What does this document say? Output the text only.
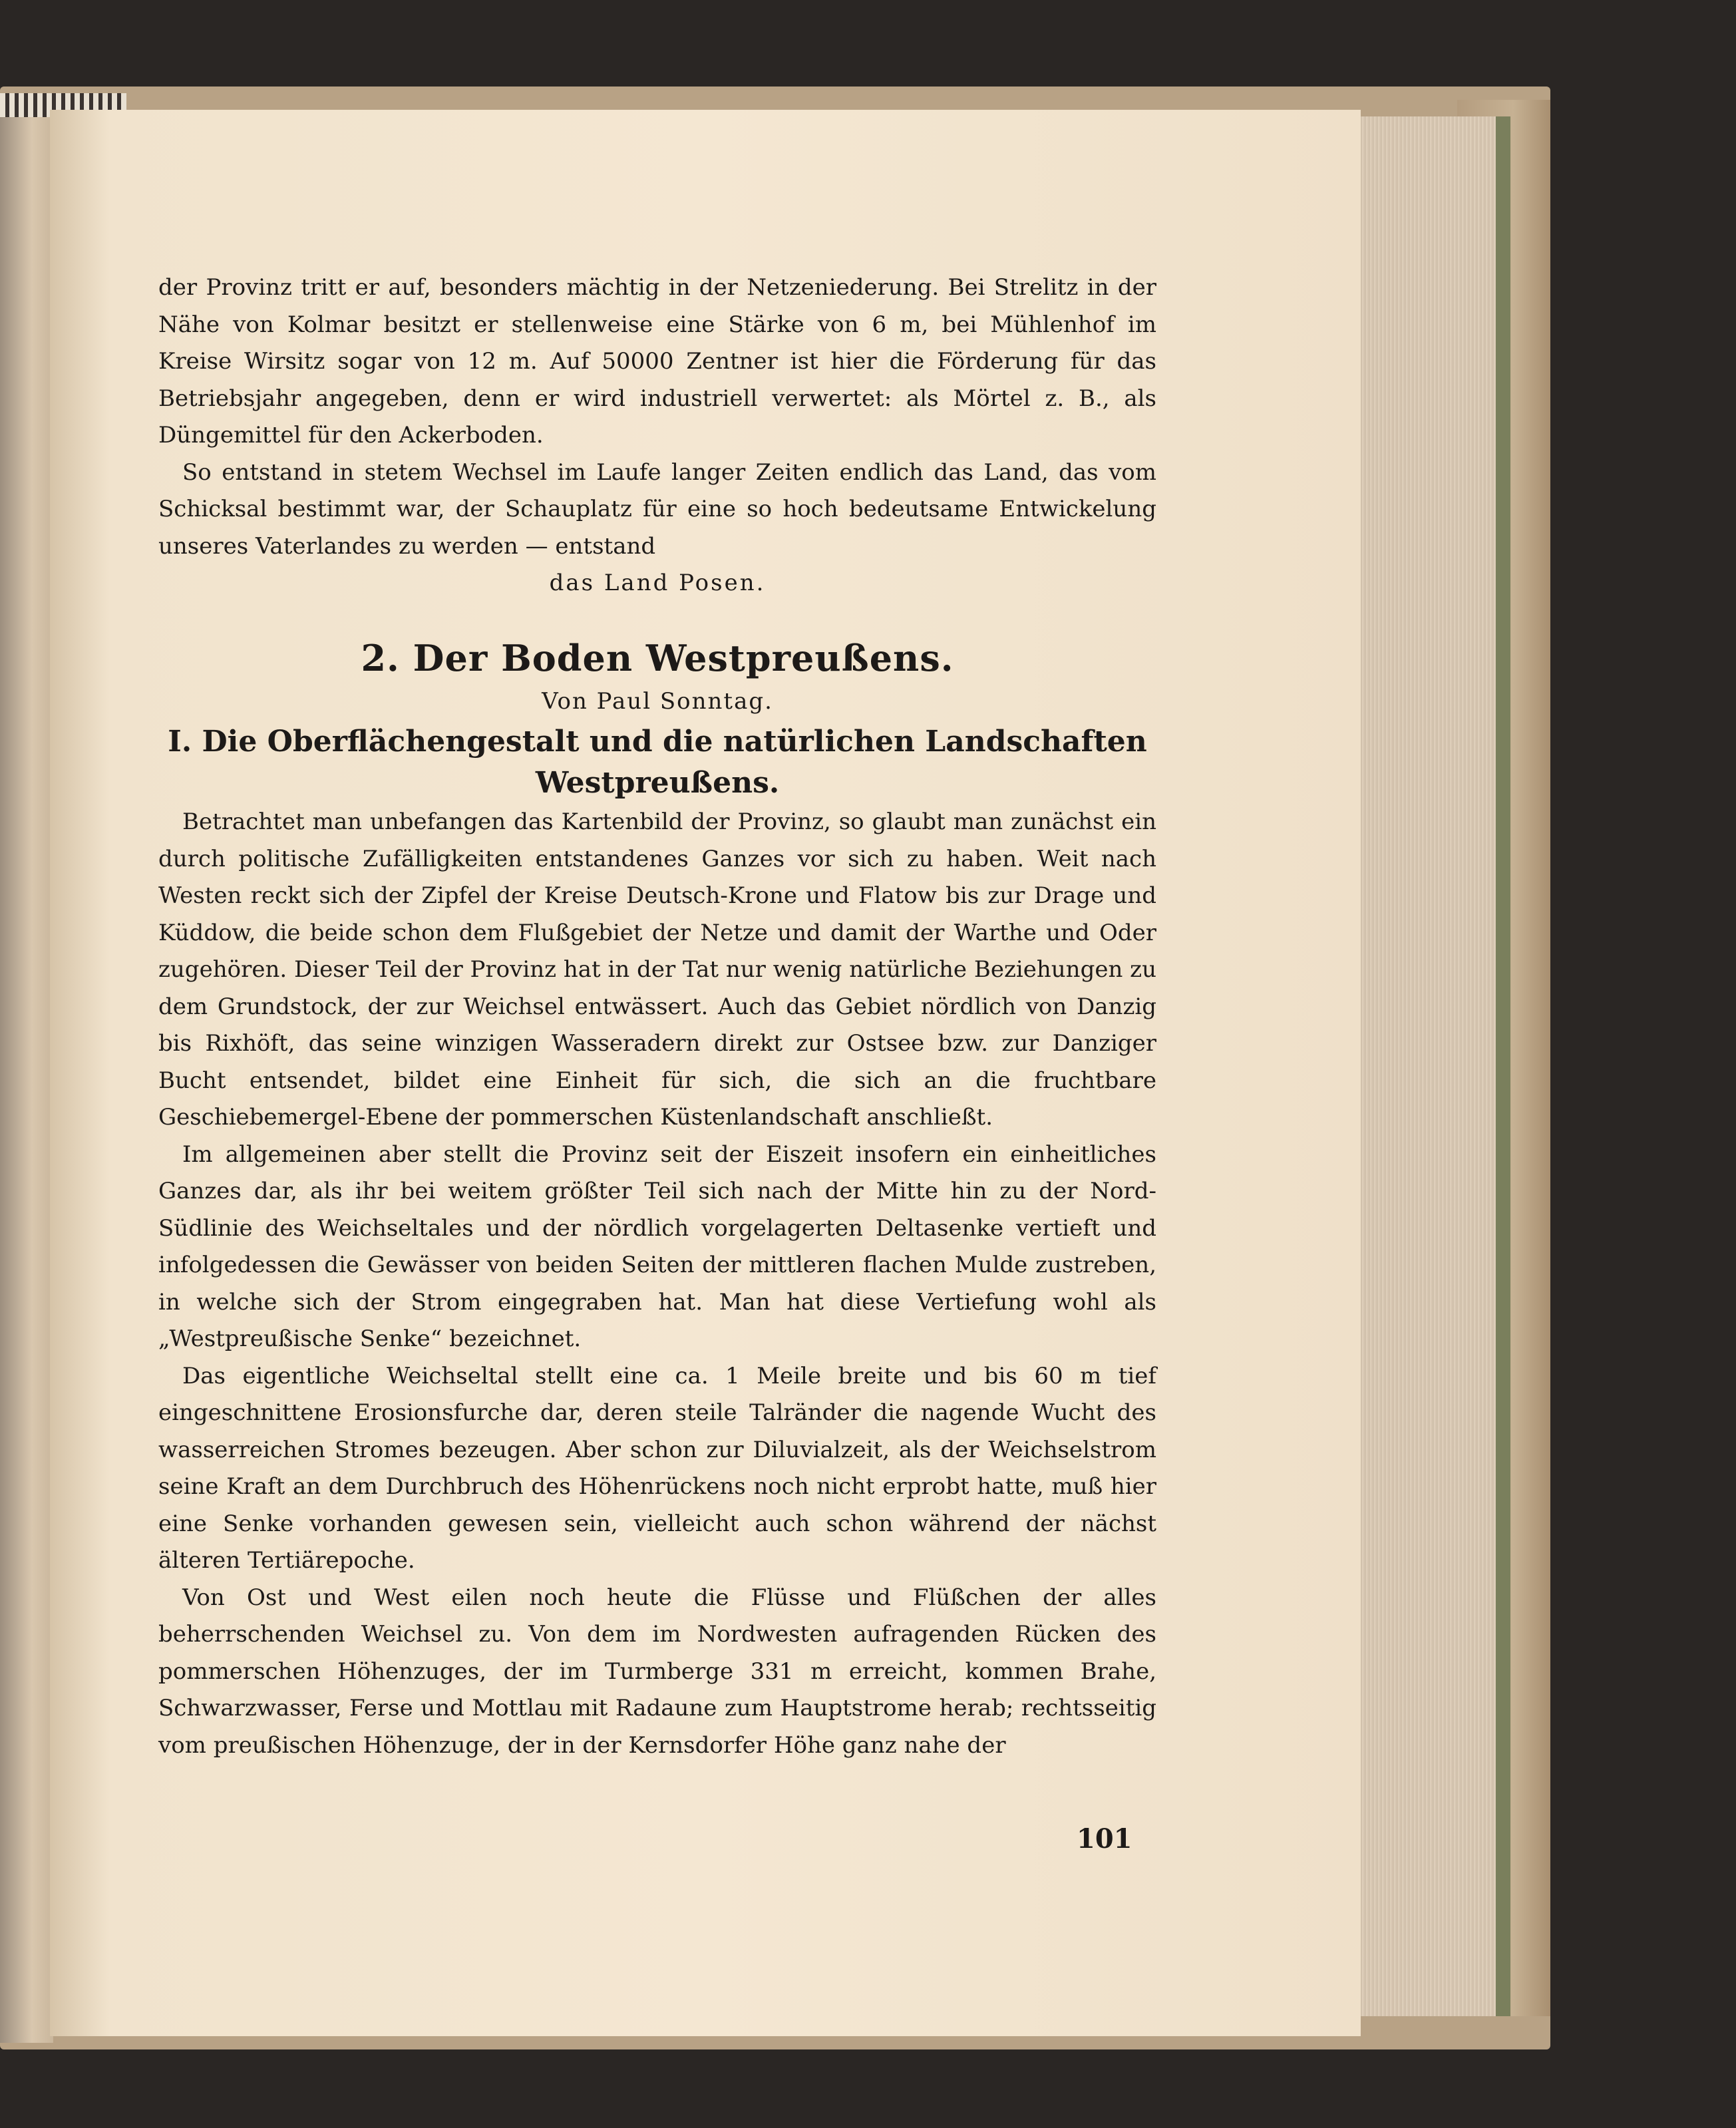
der Provinz tritt er auf, besonders mächtig in der Netzeniederung. Bei Strelitz in der Nähe von Kolmar besitzt er stellenweise eine Stärke von 6 m, bei Mühlenhof im Kreise Wirsitz sogar von 12 m. Auf 50000 Zentner ist hier die Förderung für das Betriebsjahr angegeben, denn er wird industriell verwertet: als Mörtel z. B., als Düngemittel für den Ackerboden.

So entstand in stetem Wechsel im Laufe langer Zeiten endlich das Land, das vom Schicksal bestimmt war, der Schauplatz für eine so hoch bedeutsame Entwickelung unseres Vaterlandes zu werden — entstand

das Land Posen.
2. Der Boden Westpreußens.
Von Paul Sonntag.
I. Die Oberflächengestalt und die natürlichen Landschaften Westpreußens.

Betrachtet man unbefangen das Kartenbild der Provinz, so glaubt man zunächst ein durch politische Zufälligkeiten entstandenes Ganzes vor sich zu haben. Weit nach Westen reckt sich der Zipfel der Kreise Deutsch-Krone und Flatow bis zur Drage und Küddow, die beide schon dem Flußgebiet der Netze und damit der Warthe und Oder zugehören. Dieser Teil der Provinz hat in der Tat nur wenig natürliche Beziehungen zu dem Grundstock, der zur Weichsel entwässert. Auch das Gebiet nördlich von Danzig bis Rixhöft, das seine winzigen Wasseradern direkt zur Ostsee bzw. zur Danziger Bucht entsendet, bildet eine Einheit für sich, die sich an die fruchtbare Geschiebemergel-Ebene der pommerschen Küstenlandschaft anschließt.

Im allgemeinen aber stellt die Provinz seit der Eiszeit insofern ein einheitliches Ganzes dar, als ihr bei weitem größter Teil sich nach der Mitte hin zu der Nord-Südlinie des Weichseltales und der nördlich vorgelagerten Deltasenke vertieft und infolgedessen die Gewässer von beiden Seiten der mittleren flachen Mulde zustreben, in welche sich der Strom eingegraben hat. Man hat diese Vertiefung wohl als „Westpreußische Senke“ bezeichnet.

Das eigentliche Weichseltal stellt eine ca. 1 Meile breite und bis 60 m tief eingeschnittene Erosionsfurche dar, deren steile Talränder die nagende Wucht des wasserreichen Stromes bezeugen. Aber schon zur Diluvialzeit, als der Weichselstrom seine Kraft an dem Durchbruch des Höhenrückens noch nicht erprobt hatte, muß hier eine Senke vorhanden gewesen sein, vielleicht auch schon während der nächst älteren Tertiärepoche.

Von Ost und West eilen noch heute die Flüsse und Flüßchen der alles beherrschenden Weichsel zu. Von dem im Nordwesten aufragenden Rücken des pommerschen Höhenzuges, der im Turmberge 331 m erreicht, kommen Brahe, Schwarzwasser, Ferse und Mottlau mit Radaune zum Hauptstrome herab; rechtsseitig vom preußischen Höhenzuge, der in der Kernsdorfer Höhe ganz nahe der

101
